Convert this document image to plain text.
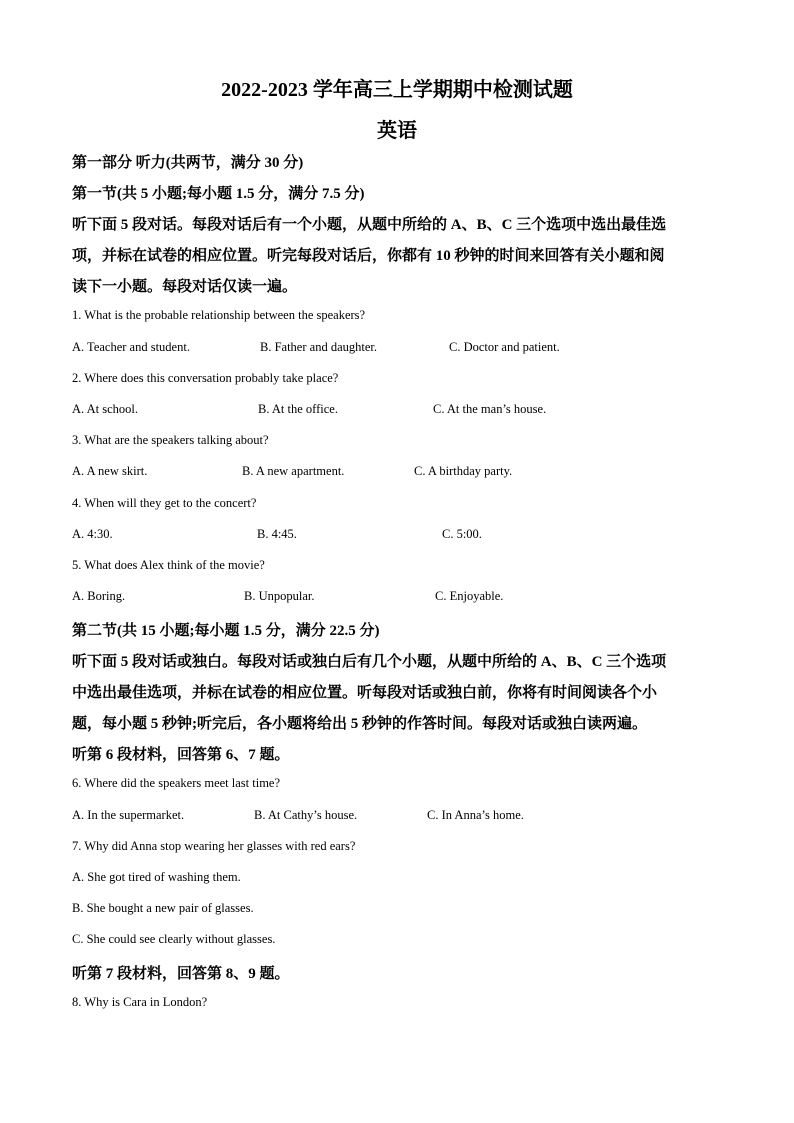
2022-2023 学年高三上学期期中检测试题
英语
第一部分 听力(共两节，满分 30 分)
第一节(共 5 小题;每小题 1.5 分，满分 7.5 分)
听下面 5 段对话。每段对话后有一个小题，从题中所给的 A、B、C 三个选项中选出最佳选
项，并标在试卷的相应位置。听完每段对话后，你都有 10 秒钟的时间来回答有关小题和阅
读下一小题。每段对话仅读一遍。
1. What is the probable relationship between the speakers?
A. Teacher and student.	B. Father and daughter.	C. Doctor and patient.
2. Where does this conversation probably take place?
A. At school.	B. At the office.	C. At the man’s house.
3. What are the speakers talking about?
A. A new skirt.	B. A new apartment.	C. A birthday party.
4. When will they get to the concert?
A. 4:30.	B. 4:45.	C. 5:00.
5. What does Alex think of the movie?
A. Boring.	B. Unpopular.	C. Enjoyable.
第二节(共 15 小题;每小题 1.5 分，满分 22.5 分)
听下面 5 段对话或独白。每段对话或独白后有几个小题，从题中所给的 A、B、C 三个选项
中选出最佳选项，并标在试卷的相应位置。听每段对话或独白前，你将有时间阅读各个小
题，每小题 5 秒钟;听完后，各小题将给出 5 秒钟的作答时间。每段对话或独白读两遍。
听第 6 段材料，回答第 6、7 题。
6. Where did the speakers meet last time?
A. In the supermarket.	B. At Cathy’s house.	C. In Anna’s home.
7. Why did Anna stop wearing her glasses with red ears?
A. She got tired of washing them.
B. She bought a new pair of glasses.
C. She could see clearly without glasses.
听第 7 段材料，回答第 8、9 题。
8. Why is Cara in London?
